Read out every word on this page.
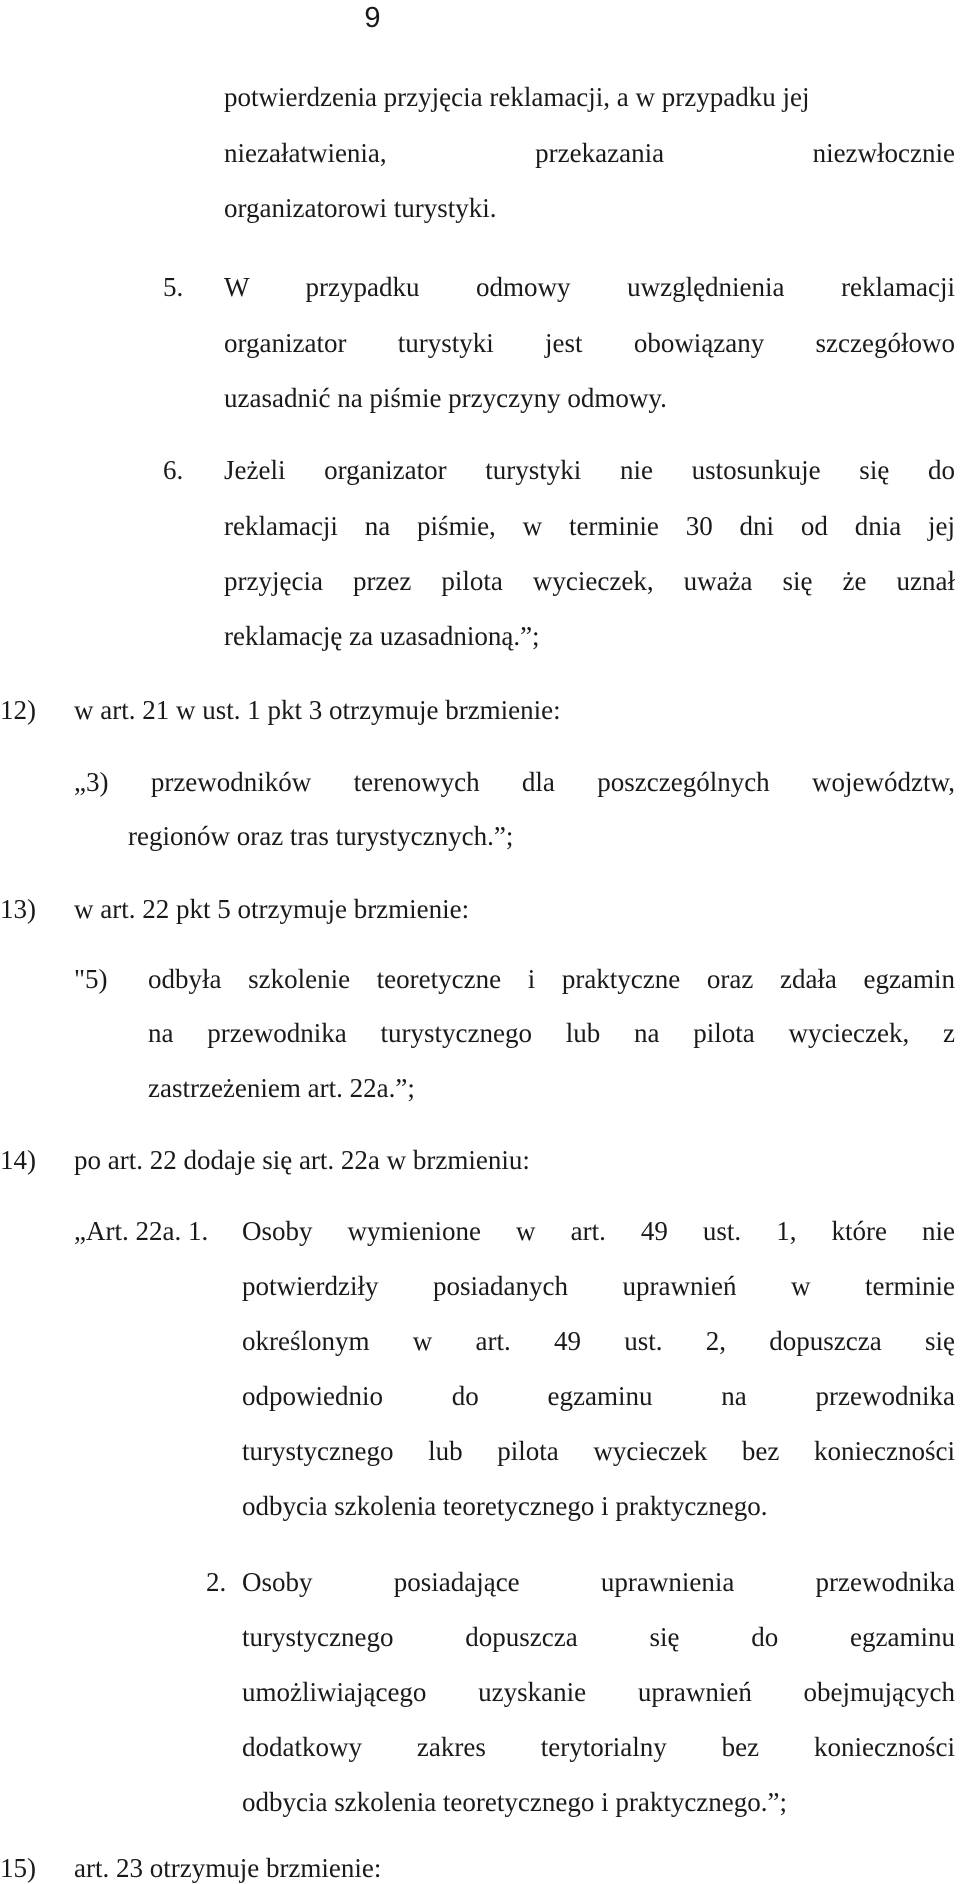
9
potwierdzenia przyjęcia reklamacji, a w przypadku jej
niezałatwienia, przekazania niezwłocznie
organizatorowi turystyki.
5. W przypadku odmowy uwzględnienia reklamacji
organizator turystyki jest obowiązany szczegółowo
uzasadnić na piśmie przyczyny odmowy.
6. Jeżeli organizator turystyki nie ustosunkuje się do
reklamacji na piśmie, w terminie 30 dni od dnia jej
przyjęcia przez pilota wycieczek, uważa się że uznał
reklamację za uzasadnioną.”;
12) w art. 21 w ust. 1 pkt 3 otrzymuje brzmienie:
„3) przewodników terenowych dla poszczególnych województw,
regionów oraz tras turystycznych.”;
13) w art. 22 pkt 5 otrzymuje brzmienie:
"5) odbyła szkolenie teoretyczne i praktyczne oraz zdała egzamin
na przewodnika turystycznego lub na pilota wycieczek, z
zastrzeżeniem art. 22a.”;
14) po art. 22 dodaje się art. 22a w brzmieniu:
„Art. 22a. 1. Osoby wymienione w art. 49 ust. 1, które nie
potwierdziły posiadanych uprawnień w terminie
określonym w art. 49 ust. 2, dopuszcza się
odpowiednio do egzaminu na przewodnika
turystycznego lub pilota wycieczek bez konieczności
odbycia szkolenia teoretycznego i praktycznego.
2. Osoby posiadające uprawnienia przewodnika
turystycznego dopuszcza się do egzaminu
umożliwiającego uzyskanie uprawnień obejmujących
dodatkowy zakres terytorialny bez konieczności
odbycia szkolenia teoretycznego i praktycznego.”;
15) art. 23 otrzymuje brzmienie:
